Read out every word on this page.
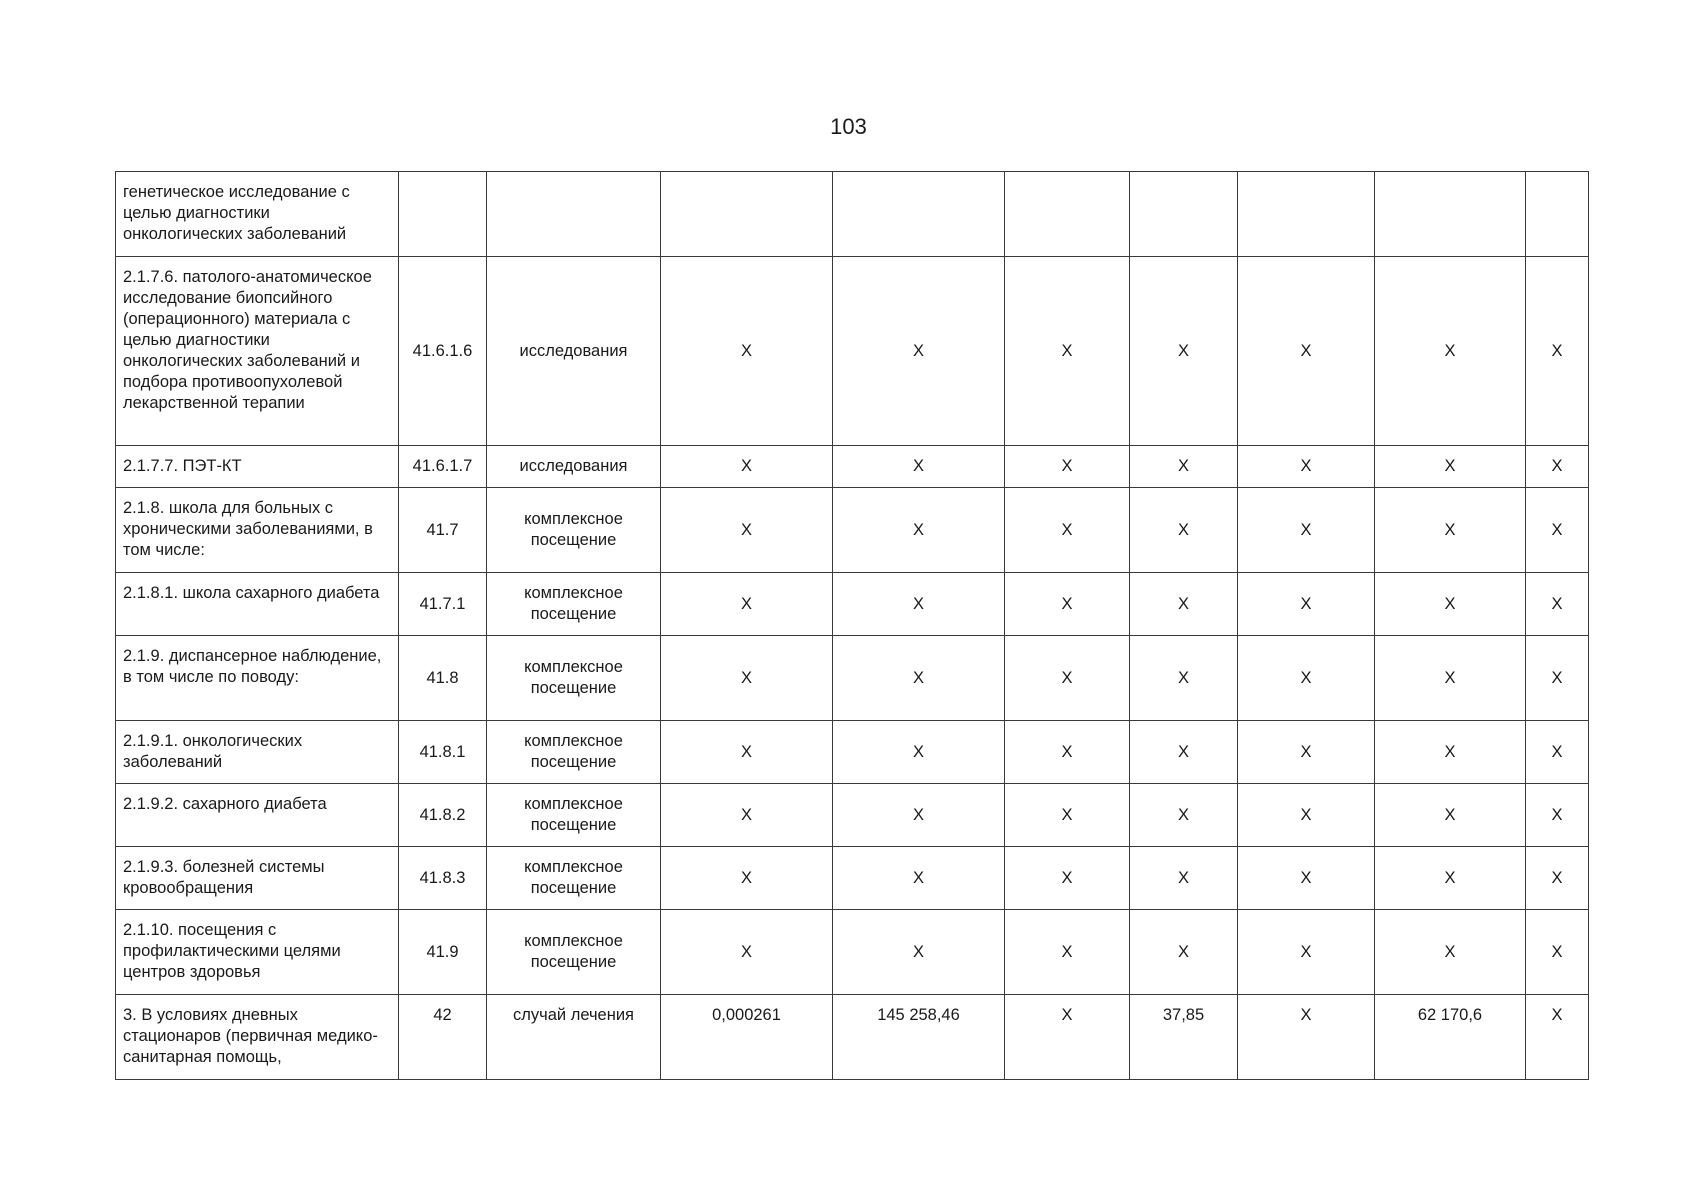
103
генетическое исследование с целью диагностики онкологических заболеваний									
2.1.7.6. патолого-анатомическое исследование биопсийного (операционного) материала с целью диагностики онкологических заболеваний и подбора противоопухолевой лекарственной терапии	41.6.1.6	исследования	Х	Х	Х	Х	Х	Х	Х
2.1.7.7. ПЭТ-КТ	41.6.1.7	исследования	Х	Х	Х	Х	Х	Х	Х
2.1.8. школа для больных с хроническими заболеваниями, в том числе:	41.7	комплексное посещение	Х	Х	Х	Х	Х	Х	Х
2.1.8.1. школа сахарного диабета	41.7.1	комплексное посещение	Х	Х	Х	Х	Х	Х	Х
2.1.9. диспансерное наблюдение, в том числе по поводу:	41.8	комплексное посещение	Х	Х	Х	Х	Х	Х	Х
2.1.9.1. онкологических заболеваний	41.8.1	комплексное посещение	Х	Х	Х	Х	Х	Х	Х
2.1.9.2. сахарного диабета	41.8.2	комплексное посещение	Х	Х	Х	Х	Х	Х	Х
2.1.9.3. болезней системы кровообращения	41.8.3	комплексное посещение	Х	Х	Х	Х	Х	Х	Х
2.1.10. посещения с профилактическими целями центров здоровья	41.9	комплексное посещение	Х	Х	Х	Х	Х	Х	Х
3. В условиях дневных стационаров (первичная медико-санитарная помощь,	42	случай лечения	0,000261	145 258,46	Х	37,85	Х	62 170,6	Х
